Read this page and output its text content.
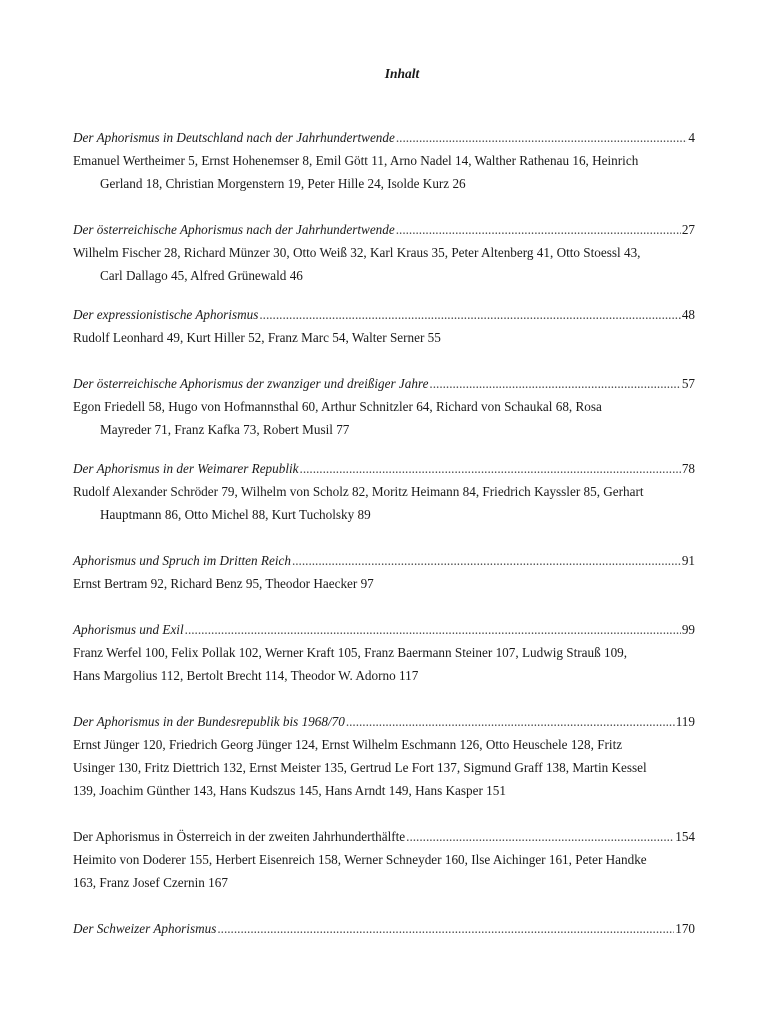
Inhalt
Der Aphorismus in Deutschland nach der Jahrhundertwende .....	4
Emanuel Wertheimer 5, Ernst Hohenemser 8, Emil Gött 11, Arno Nadel 14, Walther Rathenau 16, Heinrich
Gerland 18, Christian Morgenstern 19, Peter Hille 24, Isolde Kurz 26
Der österreichische Aphorismus nach der Jahrhundertwende .....	27
Wilhelm Fischer 28, Richard Münzer 30, Otto Weiß 32, Karl Kraus 35, Peter Altenberg 41, Otto Stoessl 43,
Carl Dallago 45, Alfred Grünewald 46
Der expressionistische Aphorismus .....	48
Rudolf Leonhard 49, Kurt Hiller 52, Franz Marc 54, Walter Serner 55
Der österreichische Aphorismus der zwanziger und dreißiger Jahre .....	57
Egon Friedell 58, Hugo von Hofmannsthal 60, Arthur Schnitzler 64, Richard von Schaukal 68, Rosa
Mayreder 71, Franz Kafka 73, Robert Musil 77
Der Aphorismus in der Weimarer Republik .....	78
Rudolf Alexander Schröder 79, Wilhelm von Scholz 82, Moritz Heimann 84, Friedrich Kayssler 85, Gerhart
Hauptmann 86, Otto Michel 88, Kurt Tucholsky 89
Aphorismus und Spruch im Dritten Reich .....	91
Ernst Bertram 92, Richard Benz 95, Theodor Haecker 97
Aphorismus und Exil .....	99
Franz Werfel 100, Felix Pollak 102, Werner Kraft 105, Franz Baermann Steiner 107, Ludwig Strauß 109,
Hans Margolius 112, Bertolt Brecht 114, Theodor W. Adorno 117
Der Aphorismus in der Bundesrepublik bis 1968/70 .....	119
Ernst Jünger 120, Friedrich Georg Jünger 124, Ernst Wilhelm Eschmann 126, Otto Heuschele 128, Fritz
Usinger 130, Fritz Diettrich 132, Ernst Meister 135, Gertrud Le Fort 137, Sigmund Graff 138, Martin Kessel
139, Joachim Günther 143, Hans Kudszus 145, Hans Arndt 149, Hans Kasper 151
Der Aphorismus in Österreich in der zweiten Jahrhunderthälfte .....	154
Heimito von Doderer 155, Herbert Eisenreich 158, Werner Schneyder 160, Ilse Aichinger 161, Peter Handke
163, Franz Josef Czernin 167
Der Schweizer Aphorismus .....	170
